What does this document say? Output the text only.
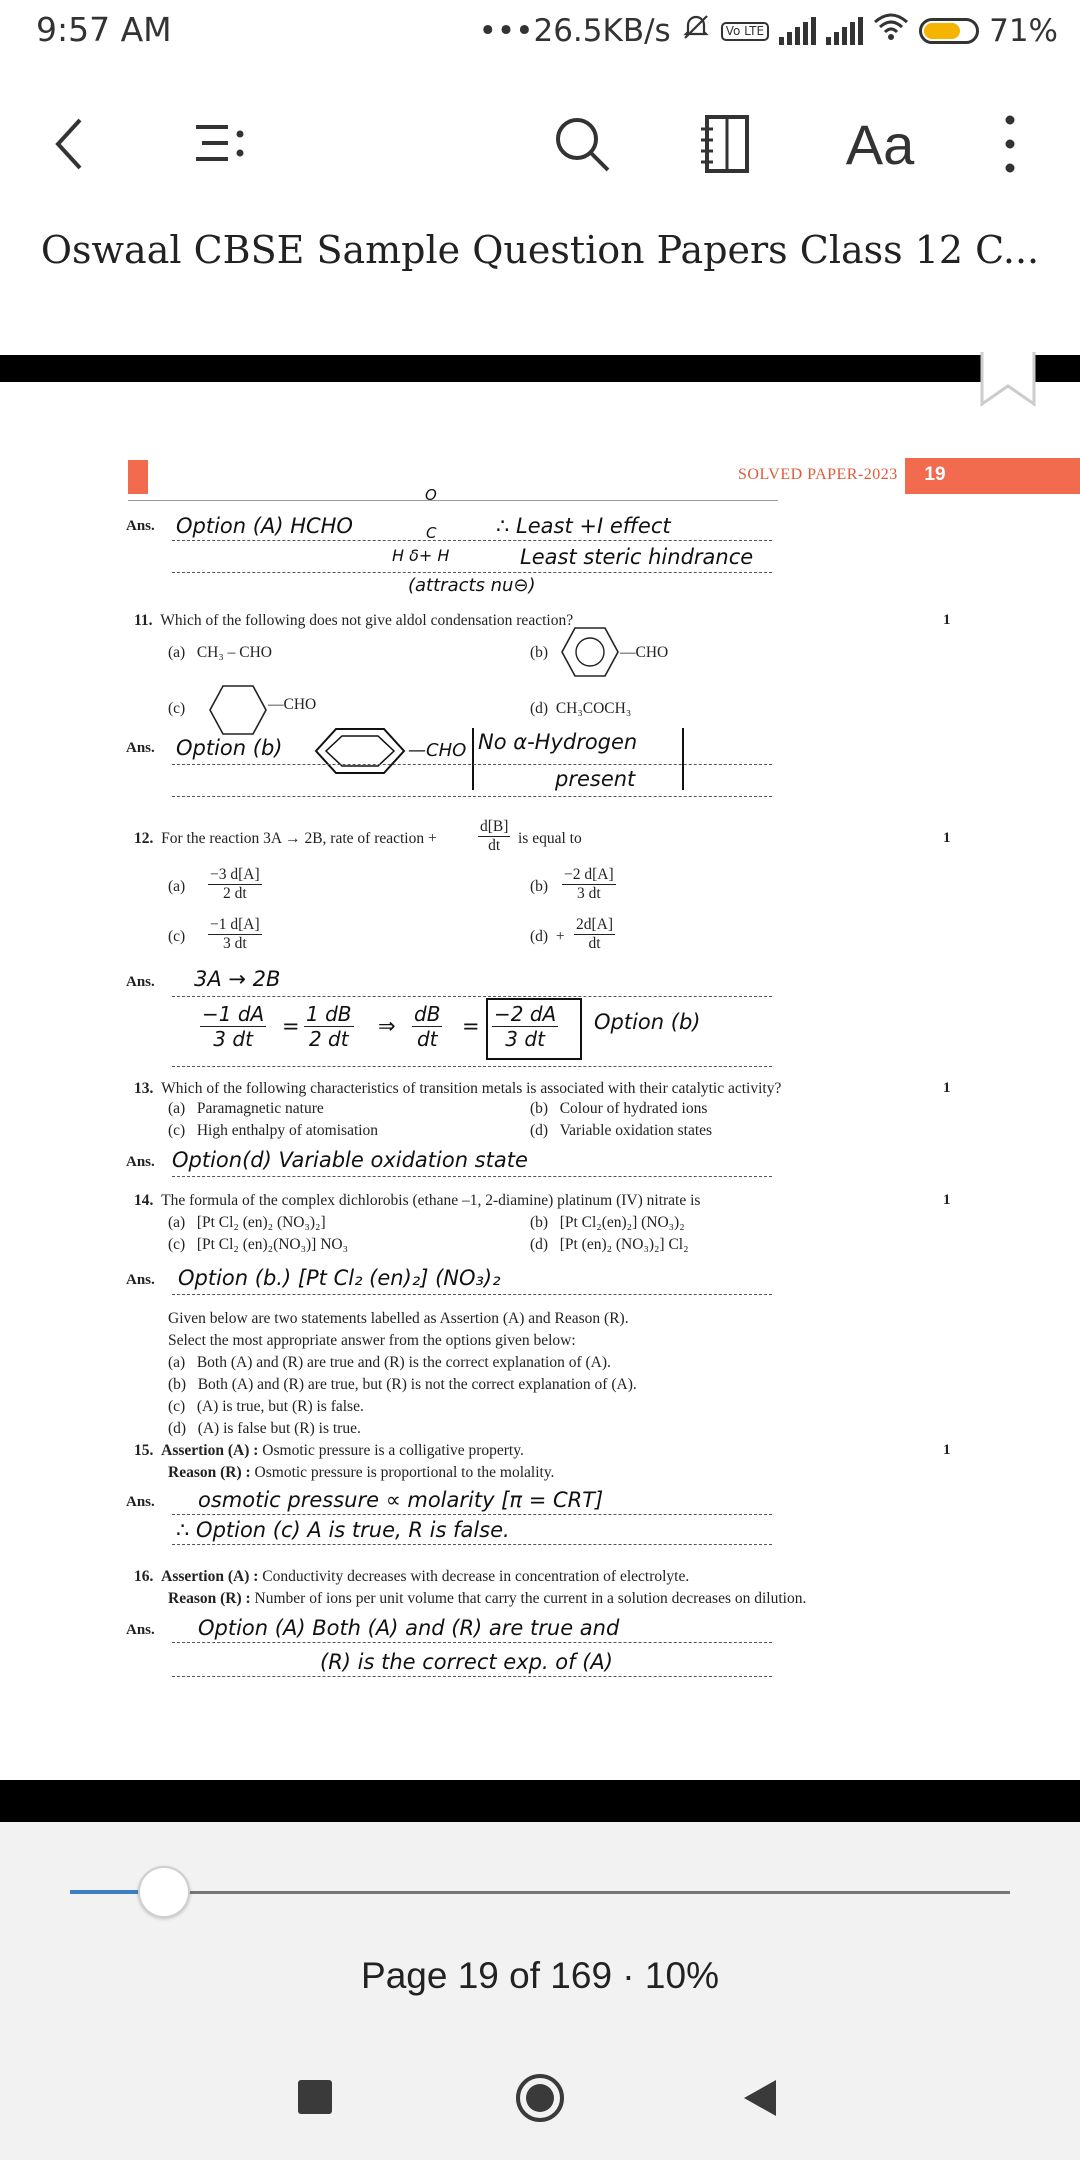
9:57 AM	•••26.5KB/s	Vo LTE	71%
Aa
Oswaal CBSE Sample Question Papers Class 12 C...
SOLVED PAPER-2023	19
Ans. Option (A) HCHO
O
C
H δ+ H
∴ Least +I effect
Least steric hindrance
(attracts nu⊖)
11. Which of the following does not give aldol condensation reaction?	1
(a) CH₃ – CHO	(b)	—CHO
(c)	—CHO	(d) CH₃COCH₃
Ans. Option (b)	—CHO No α-Hydrogen
present
12. For the reaction 3A → 2B, rate of reaction +	$\frac{d[B]}{dt}$ is equal to	1
$(a) \frac{-3 d[A]}{2 dt}$	$(b) \frac{-2 d[A]}{3 dt}$
$(c) \frac{-1 d[A]}{3 dt}$	$(d) + \frac{2d[A]}{dt}$
Ans. 3A → 2B
$\frac{-1 dA}{3 dt} = \frac{1 dB}{2 dt}$ ⇒ $\frac{dB}{dt} = \frac{-2 dA}{3 dt}$ Option (b)
13. Which of the following characteristics of transition metals is associated with their catalytic activity?	1
(a) Paramagnetic nature	(b) Colour of hydrated ions
(c) High enthalpy of atomisation	(d) Variable oxidation states
Ans. Option(d) Variable oxidation state
14. The formula of the complex dichlorobis (ethane –1, 2-diamine) platinum (IV) nitrate is	1
(a) [Pt Cl₂ (en)₂ (NO₃)₂]	(b) [Pt Cl₂(en)₂] (NO₃)₂
(c) [Pt Cl₂ (en)₂(NO₃)] NO₃	(d) [Pt (en)₂ (NO₃)₂] Cl₂
Ans. Option (b.) [Pt Cl₂ (en)₂] (NO₃)₂
Given below are two statements labelled as Assertion (A) and Reason (R).
Select the most appropriate answer from the options given below:
(a) Both (A) and (R) are true and (R) is the correct explanation of (A).
(b) Both (A) and (R) are true, but (R) is not the correct explanation of (A).
(c) (A) is true, but (R) is false.
(d) (A) is false but (R) is true.
15. Assertion (A) : Osmotic pressure is a colligative property.	1
Reason (R) : Osmotic pressure is proportional to the molality.
Ans. osmotic pressure ∝ molarity [π = CRT]
∴ Option (c) A is true, R is false.
16. Assertion (A) : Conductivity decreases with decrease in concentration of electrolyte.
Reason (R) : Number of ions per unit volume that carry the current in a solution decreases on dilution.
Ans. Option (A) Both (A) and (R) are true and
(R) is the correct exp. of (A)
Page 19 of 169 · 10%
